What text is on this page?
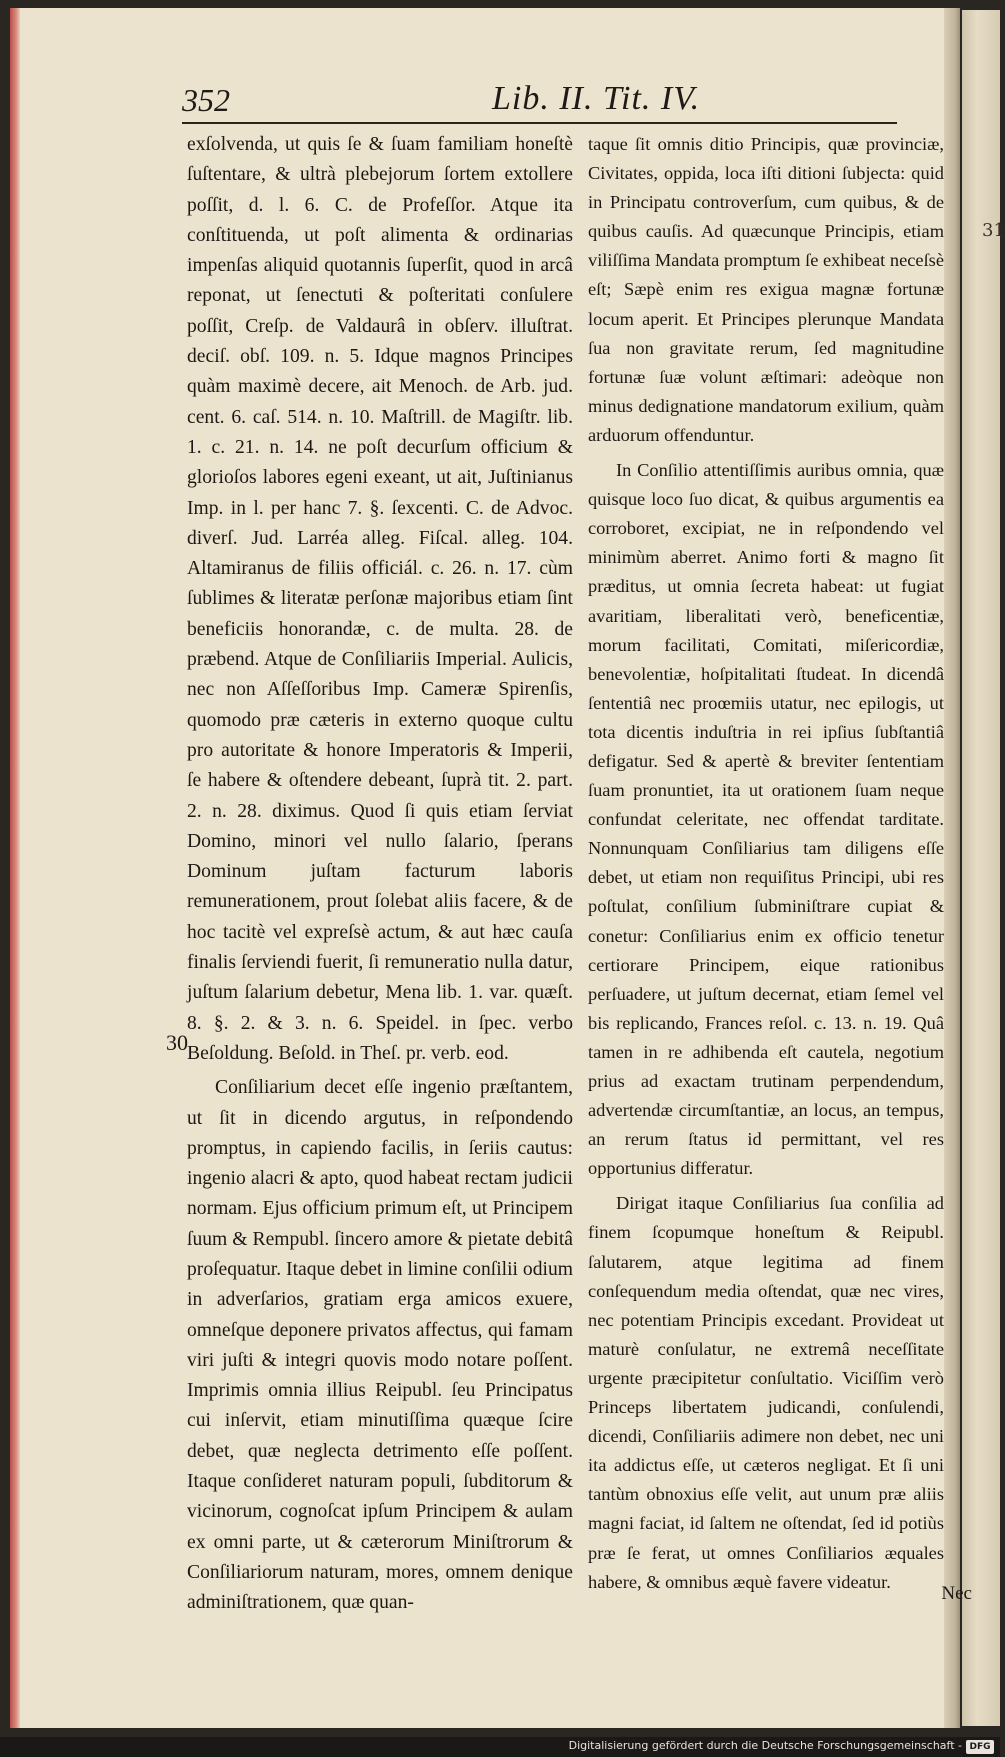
31
352	Lib. II. Tit. IV.

exſolvenda, ut quis ſe & ſuam familiam honeſtè ſuſtentare, & ultrà plebejorum ſortem extollere poſſit, d. l. 6. C. de Profeſſor. Atque ita conſtituenda, ut poſt alimenta & ordinarias impenſas aliquid quotannis ſuperſit, quod in arcâ reponat, ut ſenectuti & poſteritati conſulere poſſit, Creſp. de Valdaurâ in obſerv. illuſtrat. deciſ. obſ. 109. n. 5. Idque magnos Principes quàm maximè decere, ait Menoch. de Arb. jud. cent. 6. caſ. 514. n. 10. Maſtrill. de Magiſtr. lib. 1. c. 21. n. 14. ne poſt decurſum officium & glorioſos labores egeni exeant, ut ait, Juſtinianus Imp. in l. per hanc 7. §. ſexcenti. C. de Advoc. diverſ. Jud. Larréa alleg. Fiſcal. alleg. 104. Altamiranus de filiis officiál. c. 26. n. 17. cùm ſublimes & literatæ perſonæ majoribus etiam ſint beneficiis honorandæ, c. de multa. 28. de præbend. Atque de Conſiliariis Imperial. Aulicis, nec non Aſſeſſoribus Imp. Cameræ Spirenſis, quomodo præ cæteris in externo quoque cultu pro autoritate & honore Imperatoris & Imperii, ſe habere & oſtendere debeant, ſuprà tit. 2. part. 2. n. 28. diximus. Quod ſi quis etiam ſerviat Domino, minori vel nullo ſalario, ſperans Dominum juſtam facturum laboris remunerationem, prout ſolebat aliis facere, & de hoc tacitè vel expreſsè actum, & aut hæc cauſa finalis ſerviendi fuerit, ſi remuneratio nulla datur, juſtum ſalarium debetur, Mena lib. 1. var. quæſt. 8. §. 2. & 3. n. 6. Speidel. in ſpec. verbo Beſoldung. Beſold. in Theſ. pr. verb. eod.

Conſiliarium decet eſſe ingenio præſtantem, ut ſit in dicendo argutus, in reſpondendo promptus, in capiendo facilis, in ſeriis cautus: ingenio alacri & apto, quod habeat rectam judicii normam. Ejus officium primum eſt, ut Principem ſuum & Rempubl. ſincero amore & pietate debitâ proſequatur. Itaque debet in limine conſilii odium in adverſarios, gratiam erga amicos exuere, omneſque deponere privatos affectus, qui famam viri juſti & integri quovis modo notare poſſent. Imprimis omnia illius Reipubl. ſeu Principatus cui inſervit, etiam minutiſſima quæque ſcire debet, quæ neglecta detrimento eſſe poſſent. Itaque conſideret naturam populi, ſubditorum & vicinorum, cognoſcat ipſum Principem & aulam ex omni parte, ut & cæterorum Miniſtrorum & Conſiliariorum naturam, mores, omnem denique adminiſtrationem, quæ quan-

30

taque ſit omnis ditio Principis, quæ provinciæ, Civitates, oppida, loca iſti ditioni ſubjecta: quid in Principatu controverſum, cum quibus, & de quibus cauſis. Ad quæcunque Principis, etiam viliſſima Mandata promptum ſe exhibeat neceſsè eſt; Sæpè enim res exigua magnæ fortunæ locum aperit. Et Principes plerunque Mandata ſua non gravitate rerum, ſed magnitudine fortunæ ſuæ volunt æſtimari: adeòque non minus dedignatione mandatorum exilium, quàm arduorum offenduntur.

In Conſilio attentiſſimis auribus omnia, quæ quisque loco ſuo dicat, & quibus argumentis ea corroboret, excipiat, ne in reſpondendo vel minimùm aberret. Animo forti & magno ſit præditus, ut omnia ſecreta habeat: ut fugiat avaritiam, liberalitati verò, beneficentiæ, morum facilitati, Comitati, miſericordiæ, benevolentiæ, hoſpitalitati ſtudeat. In dicendâ ſententiâ nec proœmiis utatur, nec epilogis, ut tota dicentis induſtria in rei ipſius ſubſtantiâ defigatur. Sed & apertè & breviter ſententiam ſuam pronuntiet, ita ut orationem ſuam neque confundat celeritate, nec offendat tarditate. Nonnunquam Conſiliarius tam diligens eſſe debet, ut etiam non requiſitus Principi, ubi res poſtulat, conſilium ſubminiſtrare cupiat & conetur: Conſiliarius enim ex officio tenetur certiorare Principem, eique rationibus perſuadere, ut juſtum decernat, etiam ſemel vel bis replicando, Frances reſol. c. 13. n. 19. Quâ tamen in re adhibenda eſt cautela, negotium prius ad exactam trutinam perpendendum, advertendæ circumſtantiæ, an locus, an tempus, an rerum ſtatus id permittant, vel res opportunius differatur.

Dirigat itaque Conſiliarius ſua conſilia ad finem ſcopumque honeſtum & Reipubl. ſalutarem, atque legitima ad finem conſequendum media oſtendat, quæ nec vires, nec potentiam Principis excedant. Provideat ut maturè conſulatur, ne extremâ neceſſitate urgente præcipitetur conſultatio. Viciſſim verò Princeps libertatem judicandi, conſulendi, dicendi, Conſiliariis adimere non debet, nec uni ita addictus eſſe, ut cæteros negligat. Et ſi uni tantùm obnoxius eſſe velit, aut unum præ aliis magni faciat, id ſaltem ne oſtendat, ſed id potiùs præ ſe ferat, ut omnes Conſiliarios æquales habere, & omnibus æquè favere videatur.

Nec
Digitalisierung gefördert durch die Deutsche Forschungsgemeinschaft - DFG
